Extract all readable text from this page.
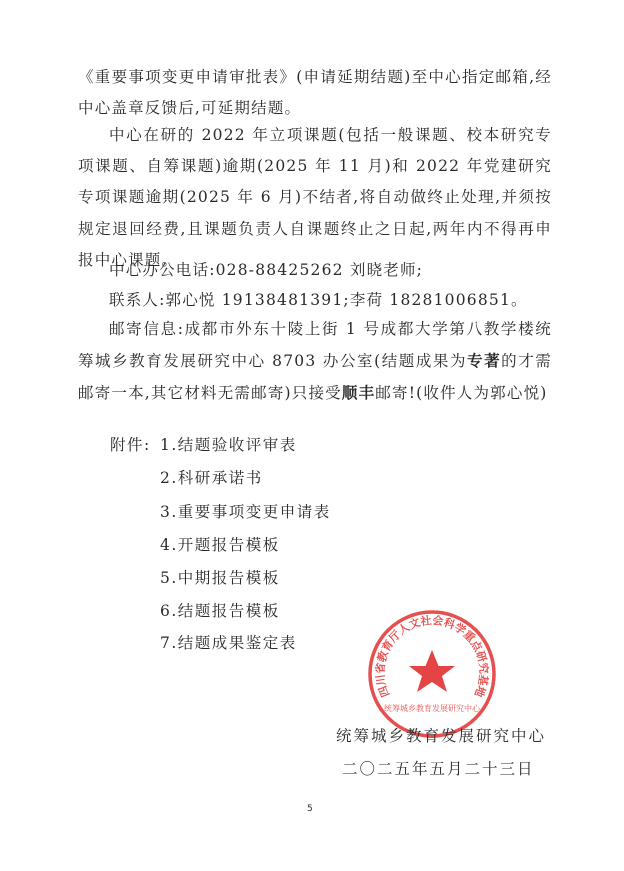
《重要事项变更申请审批表》(申请延期结题)至中心指定邮箱,经中心盖章反馈后,可延期结题。

中心在研的 2022 年立项课题(包括一般课题、校本研究专项课题、自筹课题)逾期(2025 年 11 月)和 2022 年党建研究专项课题逾期(2025 年 6 月)不结者,将自动做终止处理,并须按规定退回经费,且课题负责人自课题终止之日起,两年内不得再申报中心课题。

中心办公电话:028-88425262 刘晓老师;

联系人:郭心悦 19138481391;李荷 18281006851。

邮寄信息:成都市外东十陵上街 1 号成都大学第八教学楼统筹城乡教育发展研究中心 8703 办公室(结题成果为专著的才需邮寄一本,其它材料无需邮寄)只接受顺丰邮寄!(收件人为郭心悦)

附件: 1.结题验收评审表

2.科研承诺书

3.重要事项变更申请表

4.开题报告模板

5.中期报告模板

6.结题报告模板

7.结题成果鉴定表

四川省教育厅人文社会科学重点研究基地
统筹城乡教育发展研究中心
统筹城乡教育发展研究中心
二〇二五年五月二十三日
5
